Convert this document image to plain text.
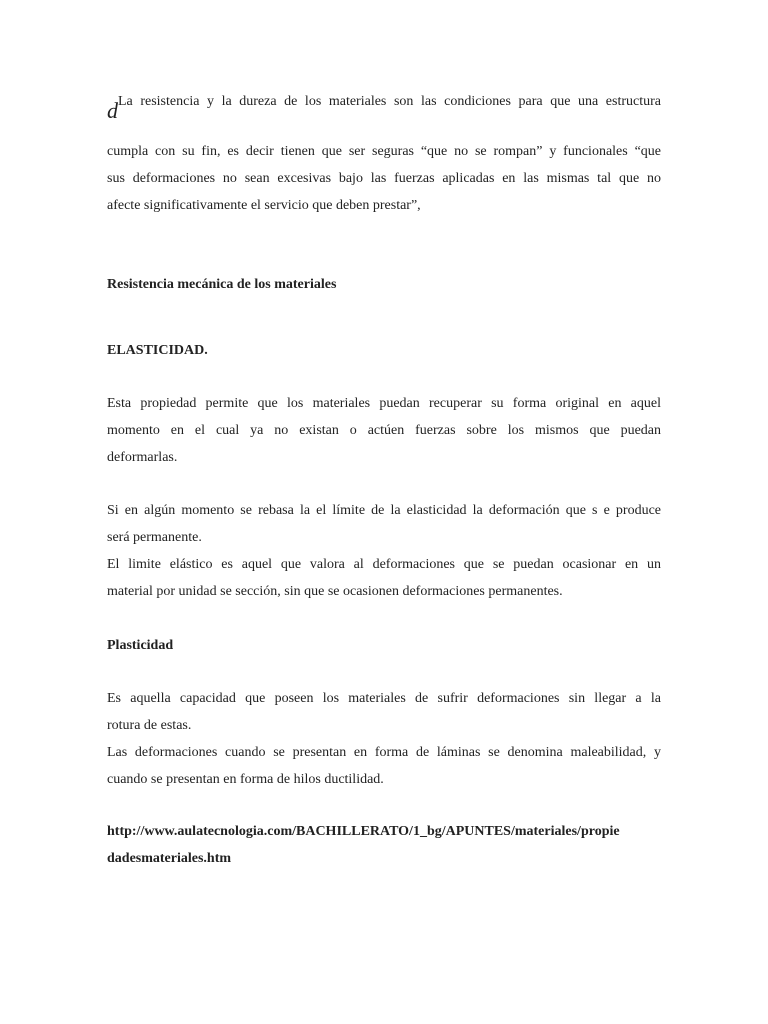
d La resistencia y la dureza de los materiales son las condiciones para que una estructura
cumpla con su fin, es decir tienen que ser seguras “que no se rompan” y funcionales “que
sus deformaciones no sean excesivas bajo las fuerzas aplicadas en las mismas tal que no
afecte significativamente el servicio que deben prestar”,
Resistencia mecánica de los materiales
ELASTICIDAD.
Esta propiedad permite que los materiales puedan recuperar su forma original en aquel
momento en el cual ya no existan o actúen fuerzas sobre los mismos que puedan
deformarlas.
Si en algún momento se rebasa la el límite de la elasticidad la deformación que s e produce
será permanente.
El limite elástico es aquel que valora al deformaciones que se puedan ocasionar en un
material por unidad se sección, sin que se ocasionen deformaciones permanentes.
Plasticidad
Es aquella capacidad que poseen los materiales de sufrir deformaciones sin llegar a la
rotura de estas.
Las deformaciones cuando se presentan en forma de láminas se denomina maleabilidad, y
cuando se presentan en forma de hilos ductilidad.
http://www.aulatecnologia.com/BACHILLERATO/1_bg/APUNTES/materiales/propie
dadesmateriales.htm
